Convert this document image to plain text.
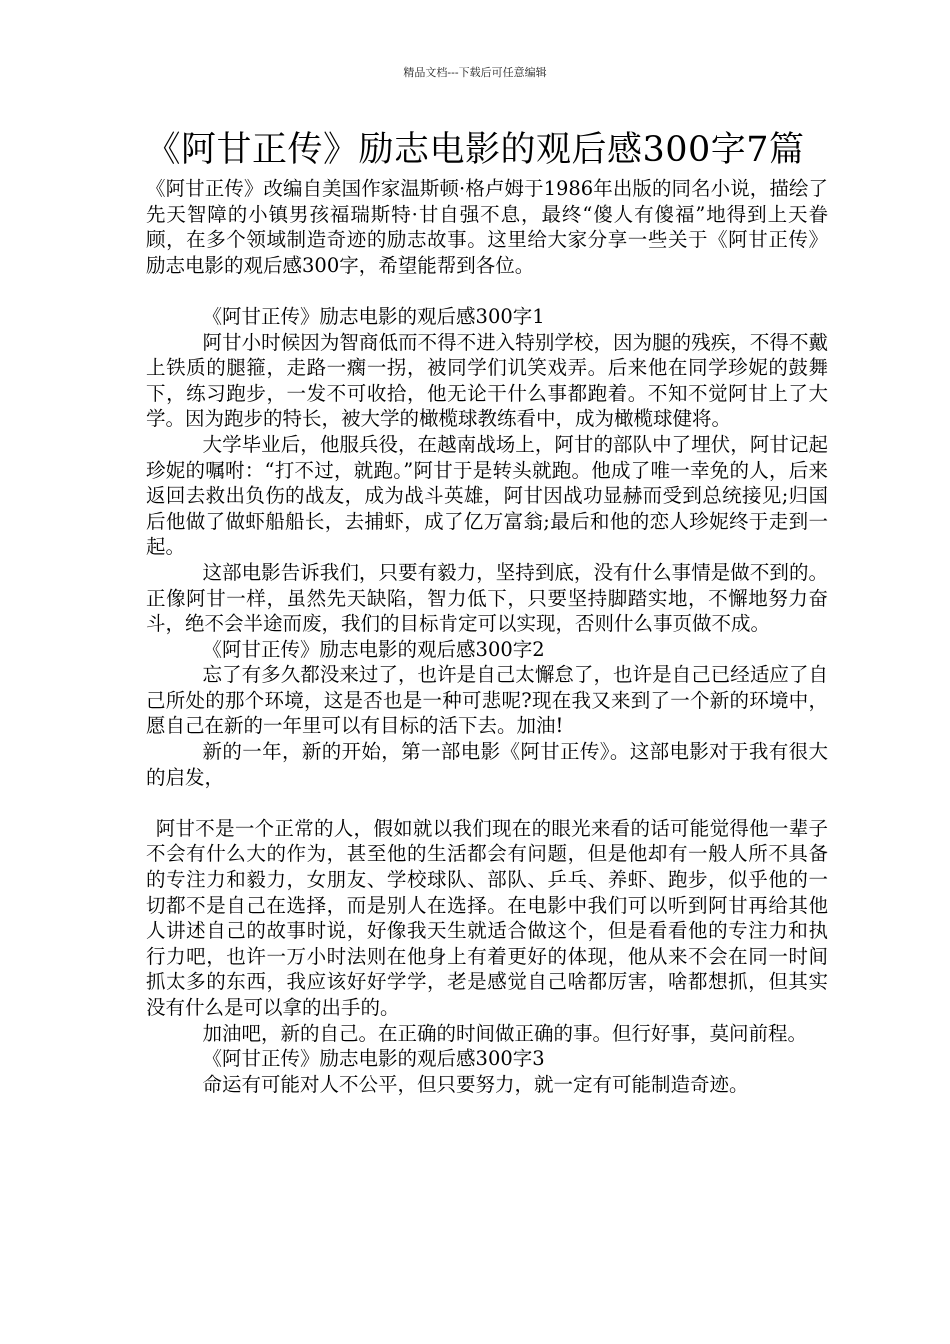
精品文档---下载后可任意编辑
《阿甘正传》励志电影的观后感300字7篇

《阿甘正传》改编自美国作家温斯顿·格卢姆于1986年出版的同名小说，描绘了先天智障的小镇男孩福瑞斯特·甘自强不息，最终“傻人有傻福”地得到上天眷顾，在多个领域制造奇迹的励志故事。这里给大家分享一些关于《阿甘正传》励志电影的观后感300字，希望能帮到各位。

《阿甘正传》励志电影的观后感300字1

阿甘小时候因为智商低而不得不进入特别学校，因为腿的残疾，不得不戴上铁质的腿箍，走路一瘸一拐，被同学们讥笑戏弄。后来他在同学珍妮的鼓舞下，练习跑步，一发不可收拾，他无论干什么事都跑着。不知不觉阿甘上了大学。因为跑步的特长，被大学的橄榄球教练看中，成为橄榄球健将。

大学毕业后，他服兵役，在越南战场上，阿甘的部队中了埋伏，阿甘记起珍妮的嘱咐：“打不过，就跑。”阿甘于是转头就跑。他成了唯一幸免的人，后来返回去救出负伤的战友，成为战斗英雄，阿甘因战功显赫而受到总统接见;归国后他做了做虾船船长，去捕虾，成了亿万富翁;最后和他的恋人珍妮终于走到一起。

这部电影告诉我们，只要有毅力，坚持到底，没有什么事情是做不到的。正像阿甘一样，虽然先天缺陷，智力低下，只要坚持脚踏实地，不懈地努力奋斗，绝不会半途而废，我们的目标肯定可以实现，否则什么事页做不成。

《阿甘正传》励志电影的观后感300字2

忘了有多久都没来过了，也许是自己太懈怠了，也许是自己已经适应了自己所处的那个环境，这是否也是一种可悲呢?现在我又来到了一个新的环境中，愿自己在新的一年里可以有目标的活下去。加油!

新的一年，新的开始，第一部电影《阿甘正传》。这部电影对于我有很大的启发，

阿甘不是一个正常的人，假如就以我们现在的眼光来看的话可能觉得他一辈子不会有什么大的作为，甚至他的生活都会有问题，但是他却有一般人所不具备的专注力和毅力，女朋友、学校球队、部队、乒乓、养虾、跑步，似乎他的一切都不是自己在选择，而是别人在选择。在电影中我们可以听到阿甘再给其他人讲述自己的故事时说，好像我天生就适合做这个，但是看看他的专注力和执行力吧，也许一万小时法则在他身上有着更好的体现，他从来不会在同一时间抓太多的东西，我应该好好学学，老是感觉自己啥都厉害，啥都想抓，但其实没有什么是可以拿的出手的。

加油吧，新的自己。在正确的时间做正确的事。但行好事，莫问前程。

《阿甘正传》励志电影的观后感300字3

命运有可能对人不公平，但只要努力，就一定有可能制造奇迹。
